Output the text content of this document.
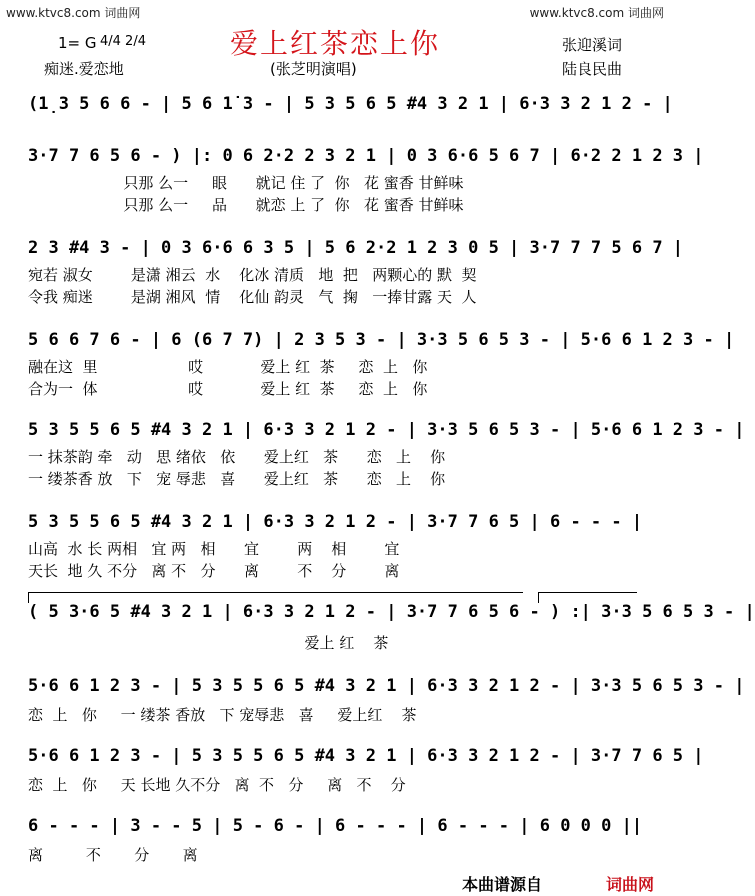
www.ktvc8.com 词曲网	www.ktvc8.com 词曲网
爱上红茶恋上你
1= G 4/4 2/4
痴迷.爱恋地	(张芝明演唱)
张迎溪词
陆良民曲
(1̣3 5 6 6 - | 5 6 1̇ 3 - | 5 3 5 6 5 #4 3 2 1 | 6·3 3 2 1 2 - |
3·7 7 6 5 6 - ) |: 0 6 2·2 2 3 2 1 | 0 3 6·6 5 6 7 | 6·2 2 1 2 3 |
只那 么一     眼      就记 住 了  你   花 蜜香 甘鲜味
只那 么一     品      就恋 上 了  你   花 蜜香 甘鲜味
2 3 #4 3 - | 0 3 6·6 6 3 5 | 5 6 2·2 1 2 3 0 5 | 3·7 7 7 5 6 7 |
宛若 淑女        是潇 湘云  水    化冰 清质   地  把   两颗心的 默  契
令我 痴迷        是湖 湘风  情    化仙 韵灵   气  掬   一捧甘露 天  人
5 6 6 7 6 - | 6 (6 7 7) | 2 3 5 3 - | 3·3 5 6 5 3 - | 5·6 6 1 2 3 - |
融在这  里                   哎            爱上 红  茶     恋  上   你
合为一  体                   哎            爱上 红  茶     恋  上   你
5 3 5 5 6 5 #4 3 2 1 | 6·3 3 2 1 2 - | 3·3 5 6 5 3 - | 5·6 6 1 2 3 - |
一 抹茶韵 牵   动   思 绪依   依      爱上红   茶      恋   上    你
一 缕茶香 放   下   宠 辱悲   喜      爱上红   茶      恋   上    你
5 3 5 5 6 5 #4 3 2 1 | 6·3 3 2 1 2 - | 3·7 7 6 5 | 6 - - - |
山高  水 长 两相   宜 两   相      宜        两    相        宜
天长  地 久 不分   离 不   分      离        不    分        离
( 5 3·6 5 #4 3 2 1 | 6·3 3 2 1 2 - | 3·7 7 6 5 6 - ) :| 3·3 5 6 5 3 - |
爱上 红    茶
5·6 6 1 2 3 - | 5 3 5 5 6 5 #4 3 2 1 | 6·3 3 2 1 2 - | 3·3 5 6 5 3 - |
恋  上   你     一 缕茶 香放   下 宠辱悲   喜     爱上红    茶
5·6 6 1 2 3 - | 5 3 5 5 6 5 #4 3 2 1 | 6·3 3 2 1 2 - | 3·7 7 6 5 |
恋  上   你     天 长地 久不分   离  不   分     离   不    分
6 - - - | 3 - - 5 | 5 - 6 - | 6 - - - | 6 - - - | 6 0 0 0 ||
离         不       分       离
本曲谱源自	词曲网
